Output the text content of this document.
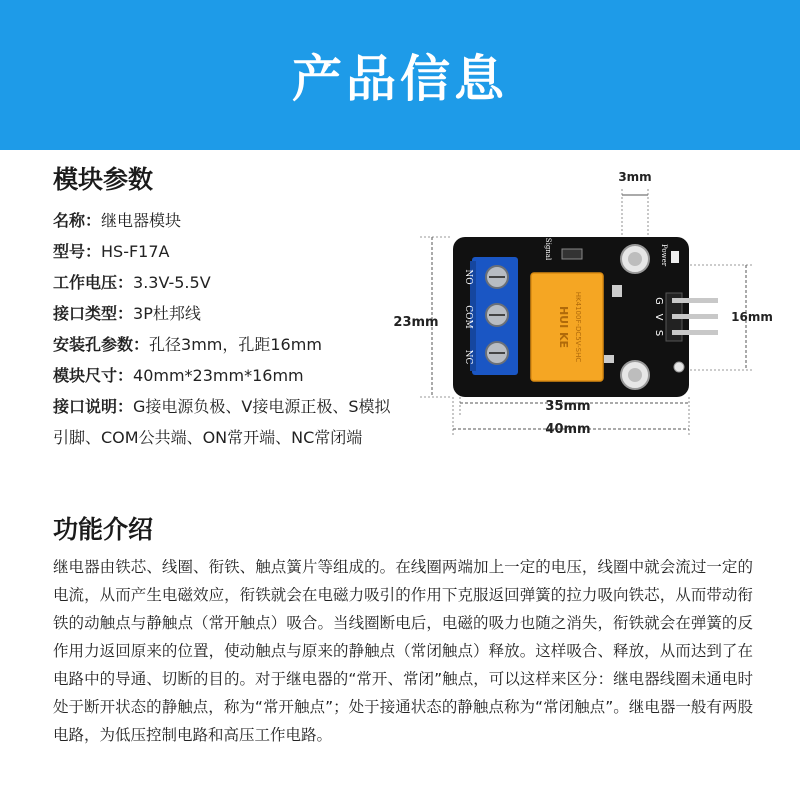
产品信息
模块参数
名称：继电器模块
型号：HS-F17A
工作电压：3.3V-5.5V
接口类型：3P杜邦线
安装孔参数：孔径3mm，孔距16mm
模块尺寸：40mm*23mm*16mm
接口说明：G接电源负极、V接电源正极、S模拟引脚、COM公共端、ON常开端、NC常闭端
3mm
23mm
NO
COM
NC
HUI KE HK4100F-DC5V-SHC
Signal	Power
G
V
S
16mm
35mm
40mm
功能介绍
继电器由铁芯、线圈、衔铁、触点簧片等组成的。在线圈两端加上一定的电压，线圈中就会流过一定的电流，从而产生电磁效应，衔铁就会在电磁力吸引的作用下克服返回弹簧的拉力吸向铁芯，从而带动衔铁的动触点与静触点（常开触点）吸合。当线圈断电后，电磁的吸力也随之消失，衔铁就会在弹簧的反作用力返回原来的位置，使动触点与原来的静触点（常闭触点）释放。这样吸合、释放，从而达到了在电路中的导通、切断的目的。对于继电器的“常开、常闭”触点，可以这样来区分：继电器线圈未通电时处于断开状态的静触点，称为“常开触点”；处于接通状态的静触点称为“常闭触点”。继电器一般有两股电路，为低压控制电路和高压工作电路。
